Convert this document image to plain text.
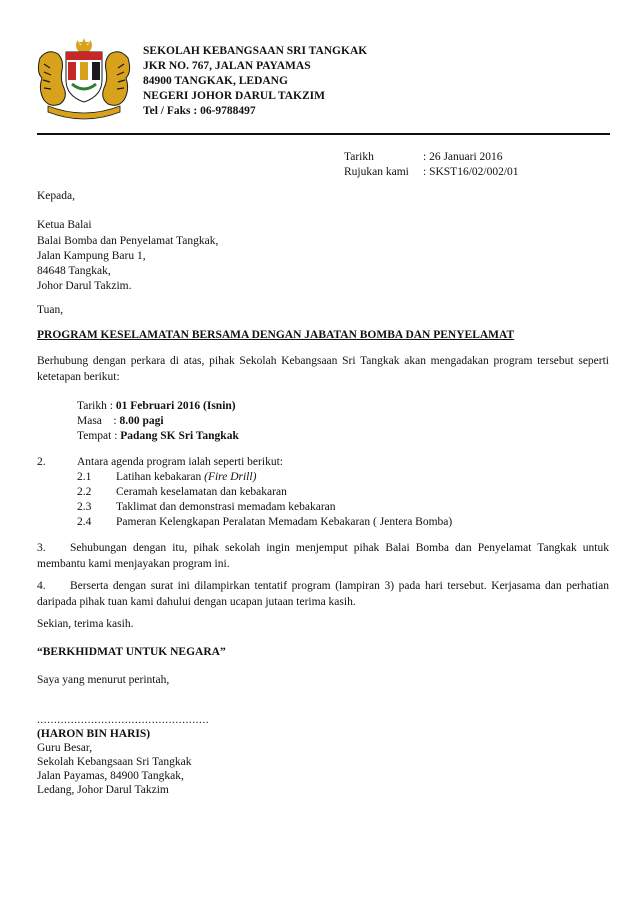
SEKOLAH KEBANGSAAN SRI TANGKAK
JKR NO. 767, JALAN PAYAMAS
84900 TANGKAK, LEDANG
NEGERI JOHOR DARUL TAKZIM
Tel / Faks : 06-9788497
Tarikh	: 26 Januari 2016
Rujukan kami : SKST16/02/002/01
Kepada,
Ketua Balai
Balai Bomba dan Penyelamat Tangkak,
Jalan Kampung Baru 1,
84648 Tangkak,
Johor Darul Takzim.
Tuan,
PROGRAM KESELAMATAN BERSAMA DENGAN JABATAN BOMBA DAN PENYELAMAT
Berhubung dengan perkara di atas, pihak Sekolah Kebangsaan Sri Tangkak akan mengadakan program tersebut seperti ketetapan berikut:
Tarikh : 01 Februari 2016 (Isnin)
Masa    : 8.00 pagi
Tempat : Padang SK Sri Tangkak
2.	Antara agenda program ialah seperti berikut:
2.1 Latihan kebakaran (Fire Drill)
2.2 Ceramah keselamatan dan kebakaran
2.3 Taklimat dan demonstrasi memadam kebakaran
2.4 Pameran Kelengkapan Peralatan Memadam Kebakaran ( Jentera Bomba)
3. Sehubungan dengan itu, pihak sekolah ingin menjemput pihak Balai Bomba dan Penyelamat Tangkak untuk membantu kami menjayakan program ini.
4. Berserta dengan surat ini dilampirkan tentatif program (lampiran 3) pada hari tersebut. Kerjasama dan perhatian daripada pihak tuan kami dahului dengan ucapan jutaan terima kasih.
Sekian, terima kasih.
“BERKHIDMAT UNTUK NEGARA”
Saya yang menurut perintah,
...................................................
(HARON BIN HARIS)
Guru Besar,
Sekolah Kebangsaan Sri Tangkak
Jalan Payamas, 84900 Tangkak,
Ledang, Johor Darul Takzim
